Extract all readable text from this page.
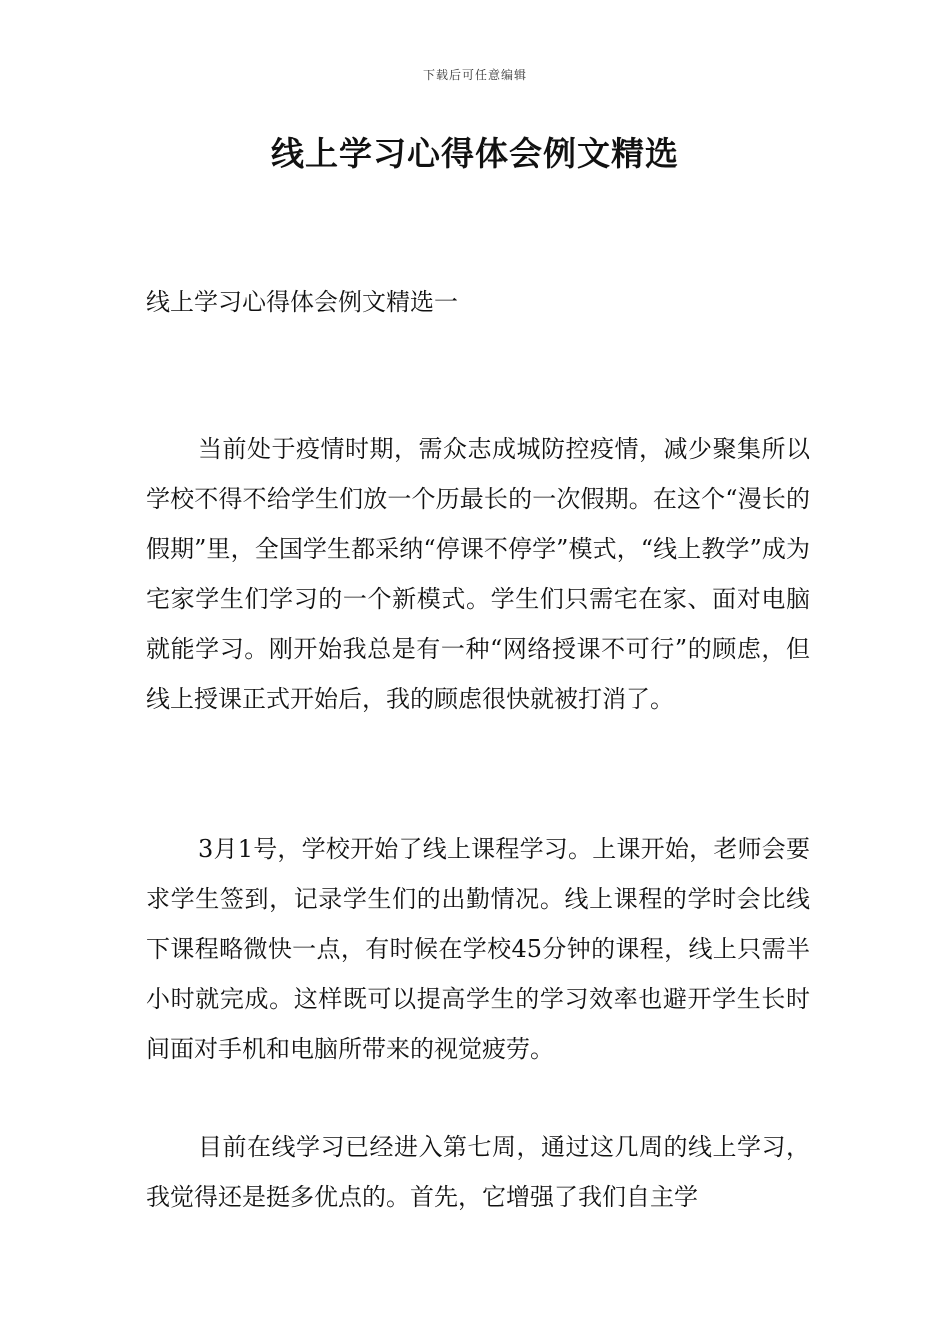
下载后可任意编辑
线上学习心得体会例文精选
线上学习心得体会例文精选一

当前处于疫情时期，需众志成城防控疫情，减少聚集所以学校不得不给学生们放一个历最长的一次假期。在这个“漫长的假期”里，全国学生都采纳“停课不停学”模式，“线上教学”成为宅家学生们学习的一个新模式。学生们只需宅在家、面对电脑就能学习。刚开始我总是有一种“网络授课不可行”的顾虑，但线上授课正式开始后，我的顾虑很快就被打消了。

3月1号，学校开始了线上课程学习。上课开始，老师会要求学生签到，记录学生们的出勤情况。线上课程的学时会比线下课程略微快一点，有时候在学校45分钟的课程，线上只需半小时就完成。这样既可以提高学生的学习效率也避开学生长时间面对手机和电脑所带来的视觉疲劳。

目前在线学习已经进入第七周，通过这几周的线上学习，我觉得还是挺多优点的。首先，它增强了我们自主学
